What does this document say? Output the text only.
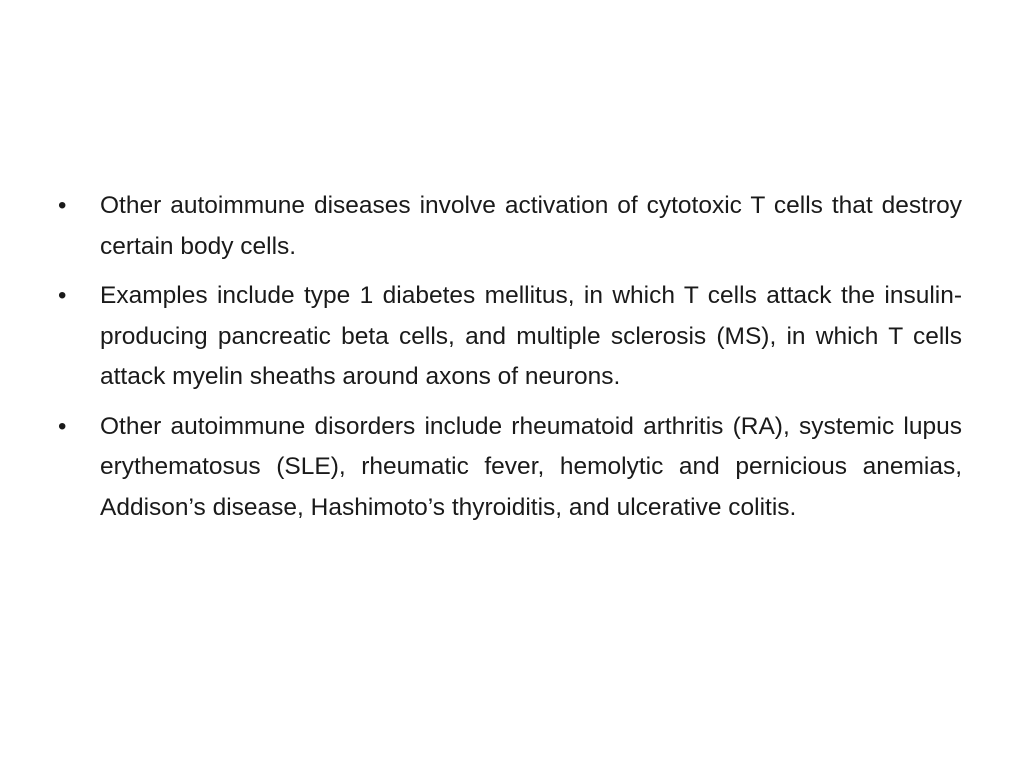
•	Other autoimmune diseases involve activation of cytotoxic T cells that destroy certain body cells.
•	Examples include type 1 diabetes mellitus, in which T cells attack the insulin-producing pancreatic beta cells, and multiple sclerosis (MS), in which T cells attack myelin sheaths around axons of neurons.
•	Other autoimmune disorders include rheumatoid arthritis (RA), systemic lupus erythematosus (SLE), rheumatic fever, hemolytic and pernicious anemias, Addison’s disease, Hashimoto’s thyroiditis, and ulcerative colitis.
